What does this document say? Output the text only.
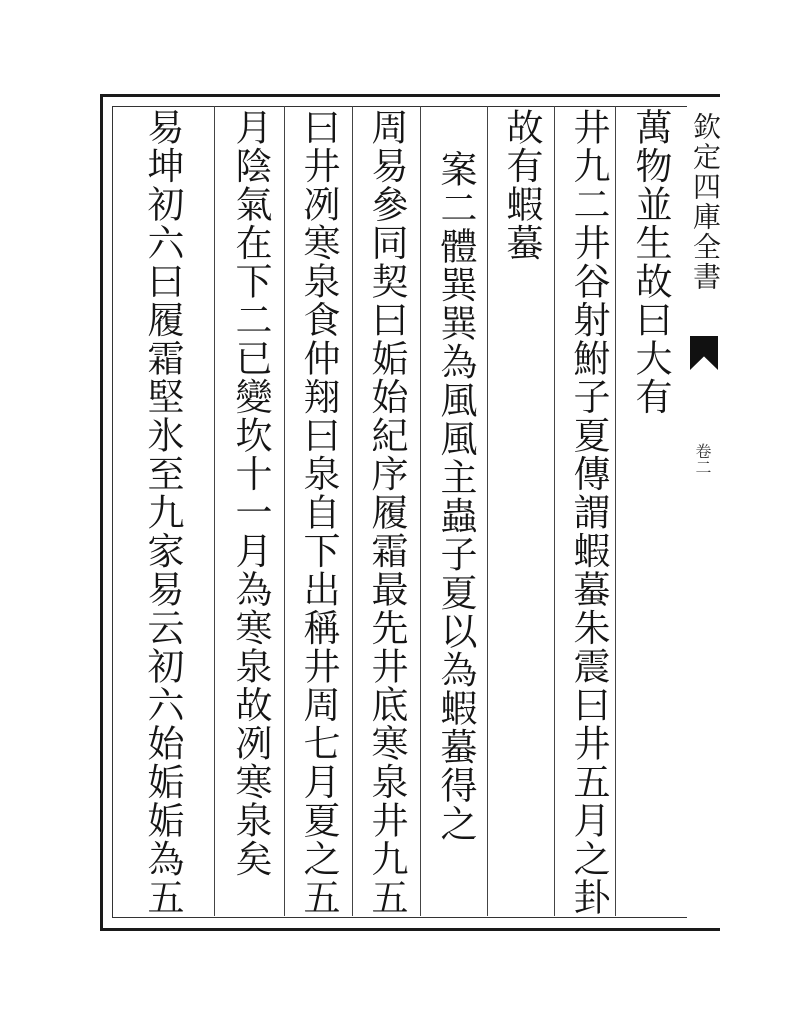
欽定四庫全書
卷二
萬物並生故曰大有
井九二井谷射鮒子夏傳謂蝦蟇朱震曰井五月之卦
故有蝦蟇
案二體巽巽為風風主蟲子夏以為蝦蟇得之
周易參同契曰姤始紀序履霜最先井底寒泉井九五
曰井冽寒泉食仲翔曰泉自下出稱井周七月夏之五
月陰氣在下二已變坎十一月為寒泉故冽寒泉矣
易坤初六曰履霜堅氷至九家易云初六始姤姤為五
